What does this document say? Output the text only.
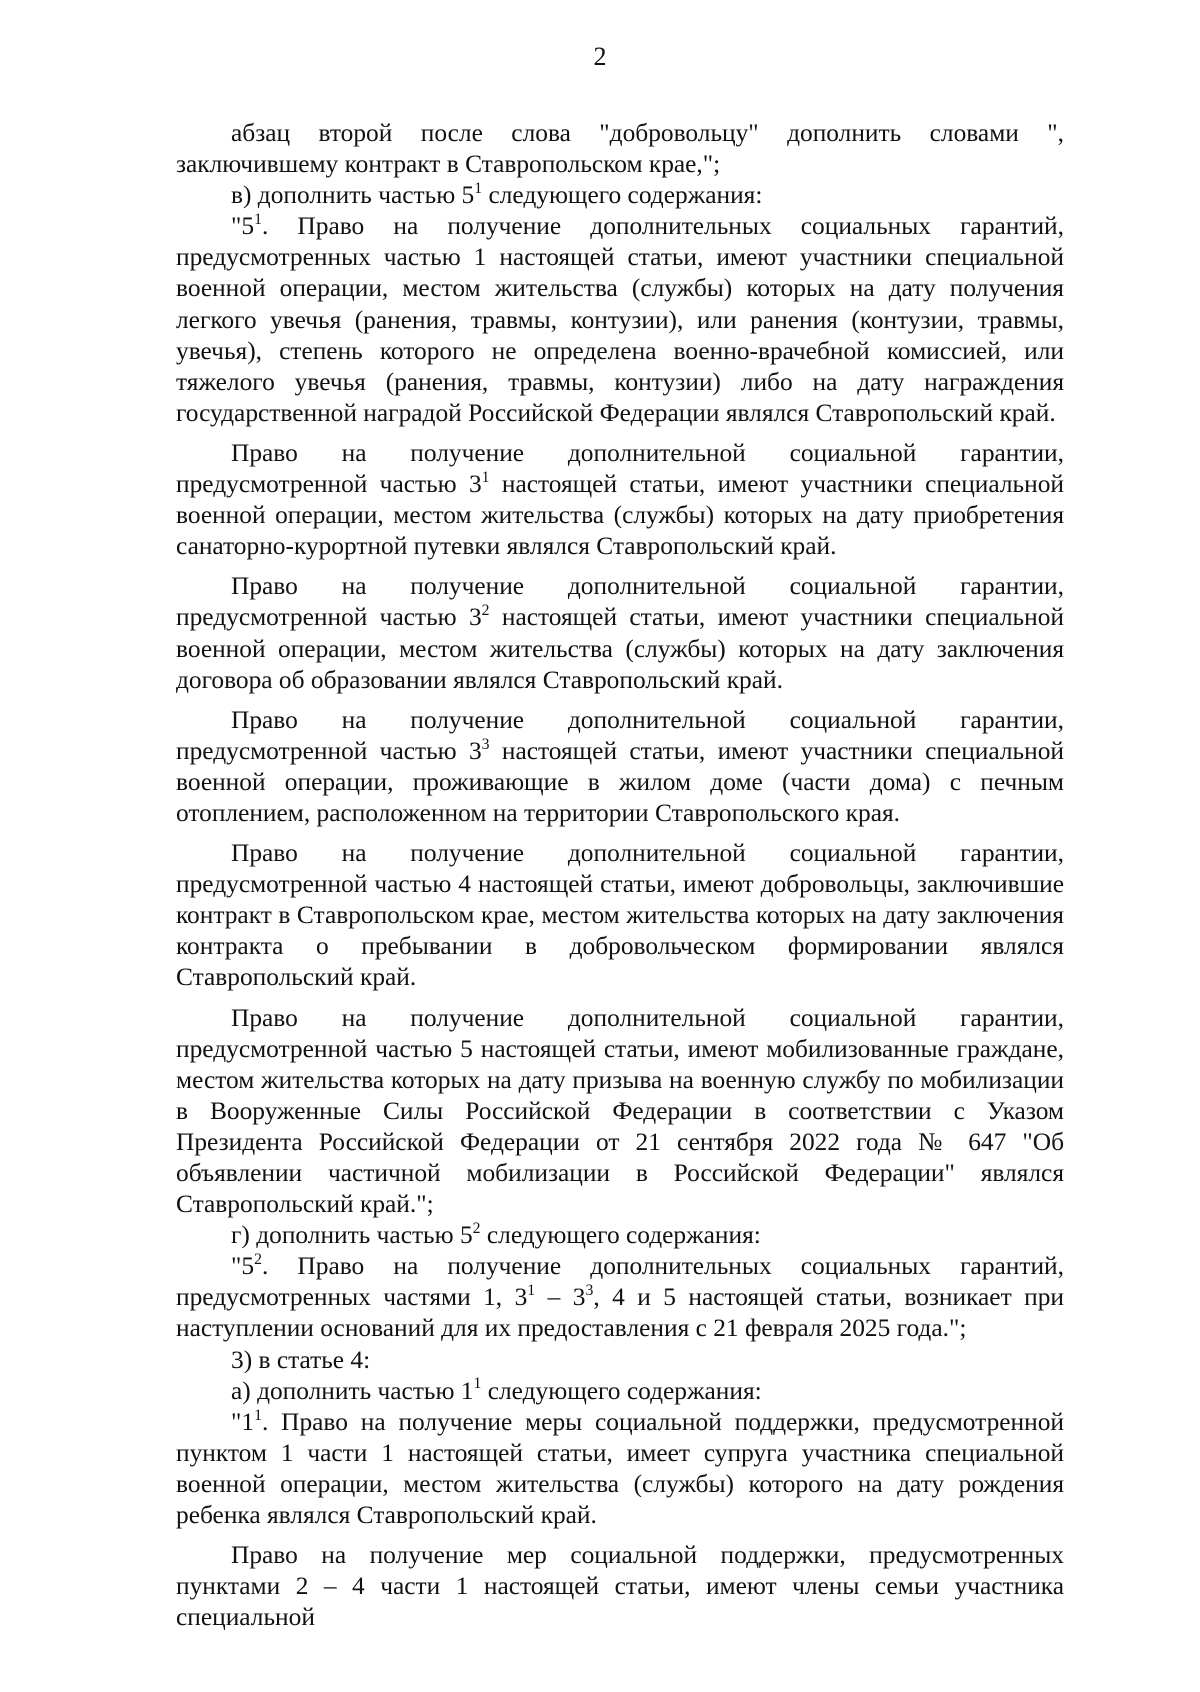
2

абзац второй после слова "добровольцу" дополнить словами ", заключившему контракт в Ставропольском крае,";

в) дополнить частью $5^1$ следующего содержания:

"$5^1$. Право на получение дополнительных социальных гарантий, предусмотренных частью 1 настоящей статьи, имеют участники специальной военной операции, местом жительства (службы) которых на дату получения легкого увечья (ранения, травмы, контузии), или ранения (контузии, травмы, увечья), степень которого не определена военно-врачебной комиссией, или тяжелого увечья (ранения, травмы, контузии) либо на дату награждения государственной наградой Российской Федерации являлся Ставропольский край.

Право на получение дополнительной социальной гарантии, предусмотренной частью $3^1$ настоящей статьи, имеют участники специальной военной операции, местом жительства (службы) которых на дату приобретения санаторно-курортной путевки являлся Ставропольский край.

Право на получение дополнительной социальной гарантии, предусмотренной частью $3^2$ настоящей статьи, имеют участники специальной военной операции, местом жительства (службы) которых на дату заключения договора об образовании являлся Ставропольский край.

Право на получение дополнительной социальной гарантии, предусмотренной частью $3^3$ настоящей статьи, имеют участники специальной военной операции, проживающие в жилом доме (части дома) с печным отоплением, расположенном на территории Ставропольского края.

Право на получение дополнительной социальной гарантии, предусмотренной частью 4 настоящей статьи, имеют добровольцы, заключившие контракт в Ставропольском крае, местом жительства которых на дату заключения контракта о пребывании в добровольческом формировании являлся Ставропольский край.

Право на получение дополнительной социальной гарантии, предусмотренной частью 5 настоящей статьи, имеют мобилизованные граждане, местом жительства которых на дату призыва на военную службу по мобилизации в Вооруженные Силы Российской Федерации в соответствии с Указом Президента Российской Федерации от 21 сентября 2022 года № 647 "Об объявлении частичной мобилизации в Российской Федерации" являлся Ставропольский край.";

г) дополнить частью $5^2$ следующего содержания:

"$5^2$. Право на получение дополнительных социальных гарантий, предусмотренных частями 1, $3^1 - 3^3$, 4 и 5 настоящей статьи, возникает при наступлении оснований для их предоставления с 21 февраля 2025 года.";

3) в статье 4:

а) дополнить частью $1^1$ следующего содержания:

"$1^1$. Право на получение меры социальной поддержки, предусмотренной пунктом 1 части 1 настоящей статьи, имеет супруга участника специальной военной операции, местом жительства (службы) которого на дату рождения ребенка являлся Ставропольский край.

Право на получение мер социальной поддержки, предусмотренных пунктами 2 – 4 части 1 настоящей статьи, имеют члены семьи участника специальной
